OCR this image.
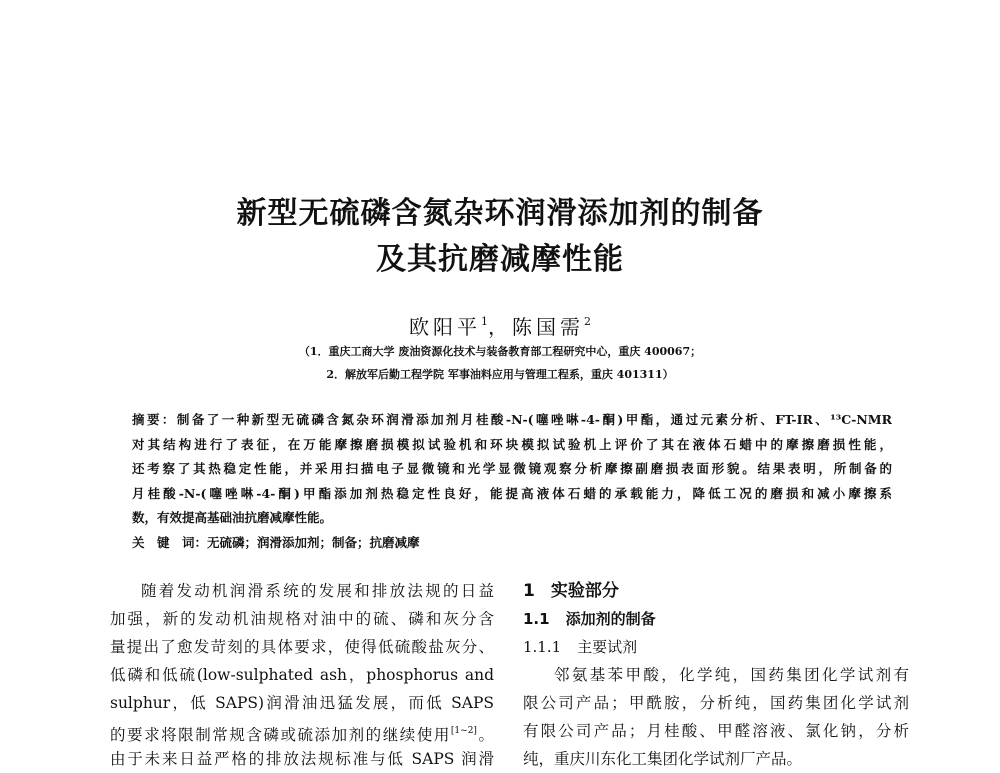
新型无硫磷含氮杂环润滑添加剂的制备
及其抗磨减摩性能
欧阳平$^1$，陈国需$^2$
（1．重庆工商大学 废油资源化技术与装备教育部工程研究中心，重庆 400067；
2．解放军后勤工程学院 军事油料应用与管理工程系，重庆 401311）
摘要：制备了一种新型无硫磷含氮杂环润滑添加剂月桂酸-N-(噻唑啉-4-酮)甲酯，通过元素分析、FT-IR、¹³C-NMR
对其结构进行了表征，在万能摩擦磨损模拟试验机和环块模拟试验机上评价了其在液体石蜡中的摩擦磨损性能，
还考察了其热稳定性能，并采用扫描电子显微镜和光学显微镜观察分析摩擦副磨损表面形貌。结果表明，所制备的
月桂酸-N-(噻唑啉-4-酮)甲酯添加剂热稳定性良好，能提高液体石蜡的承载能力，降低工况的磨损和减小摩擦系
数，有效提高基础油抗磨减摩性能。
关　键　词：无硫磷；润滑添加剂；制备；抗磨减摩
随着发动机润滑系统的发展和排放法规的日益
加强，新的发动机油规格对油中的硫、磷和灰分含
量提出了愈发苛刻的具体要求，使得低硫酸盐灰分、
低磷和低硫(low-sulphated ash，phosphorus and
sulphur，低 SAPS)润滑油迅猛发展，而低 SAPS
的要求将限制常规含磷或硫添加剂的继续使用[1~2]。
由于未来日益严格的排放法规标准与低 SAPS 润滑
1 实验部分
1.1 添加剂的制备
1.1.1 主要试剂
邻氨基苯甲酸，化学纯，国药集团化学试剂有
限公司产品；甲酰胺，分析纯，国药集团化学试剂
有限公司产品；月桂酸、甲醛溶液、氯化钠，分析
纯，重庆川东化工集团化学试剂厂产品。
